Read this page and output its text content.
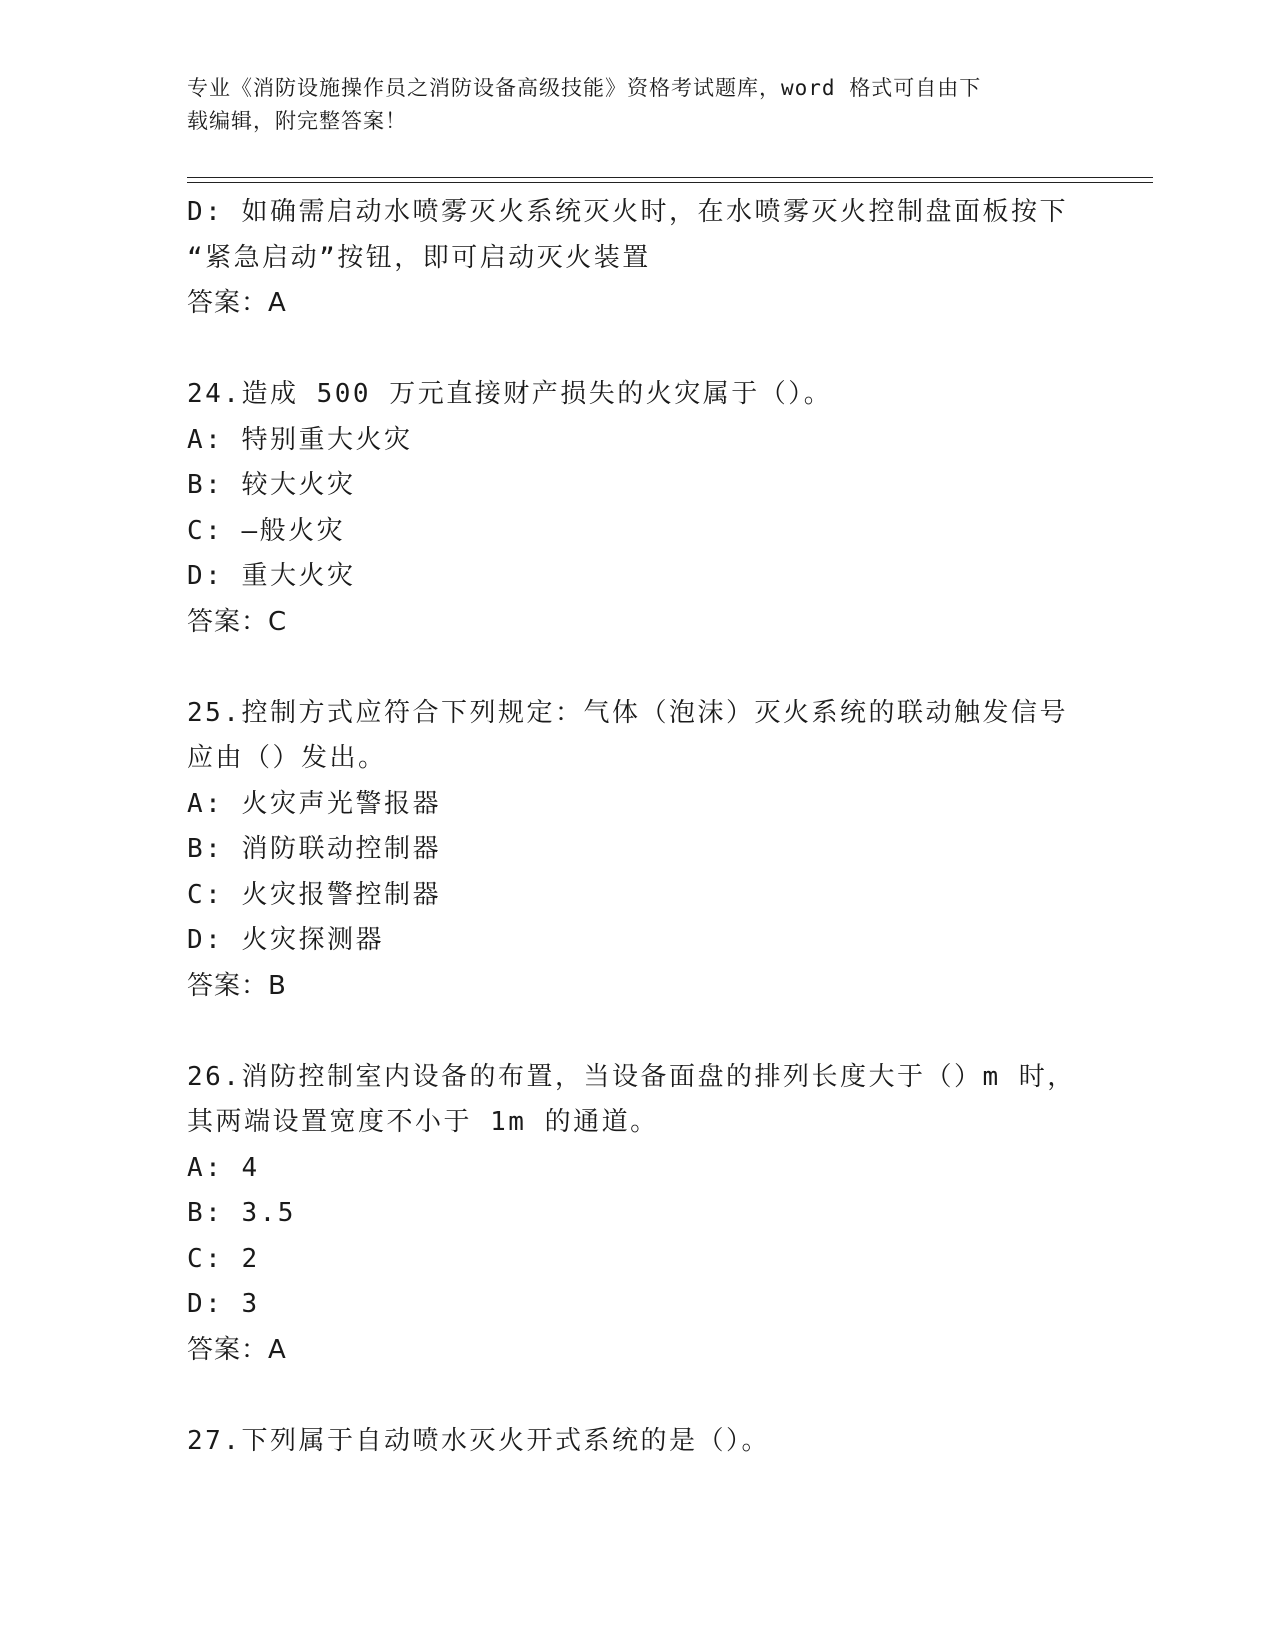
专业《消防设施操作员之消防设备高级技能》资格考试题库，word 格式可自由下
载编辑，附完整答案！
D: 如确需启动水喷雾灭火系统灭火时，在水喷雾灭火控制盘面板按下
“紧急启动”按钮，即可启动灭火装置
答案：A
24.造成 500 万元直接财产损失的火灾属于（）。
A: 特别重大火灾
B: 较大火灾
C: —般火灾
D: 重大火灾
答案：C
25.控制方式应符合下列规定：气体（泡沫）灭火系统的联动触发信号
应由（）发出。
A: 火灾声光警报器
B: 消防联动控制器
C: 火灾报警控制器
D: 火灾探测器
答案：B
26.消防控制室内设备的布置，当设备面盘的排列长度大于（）m 时，
其两端设置宽度不小于 1m 的通道。
A: 4
B: 3.5
C: 2
D: 3
答案：A
27.下列属于自动喷水灭火开式系统的是（）。
